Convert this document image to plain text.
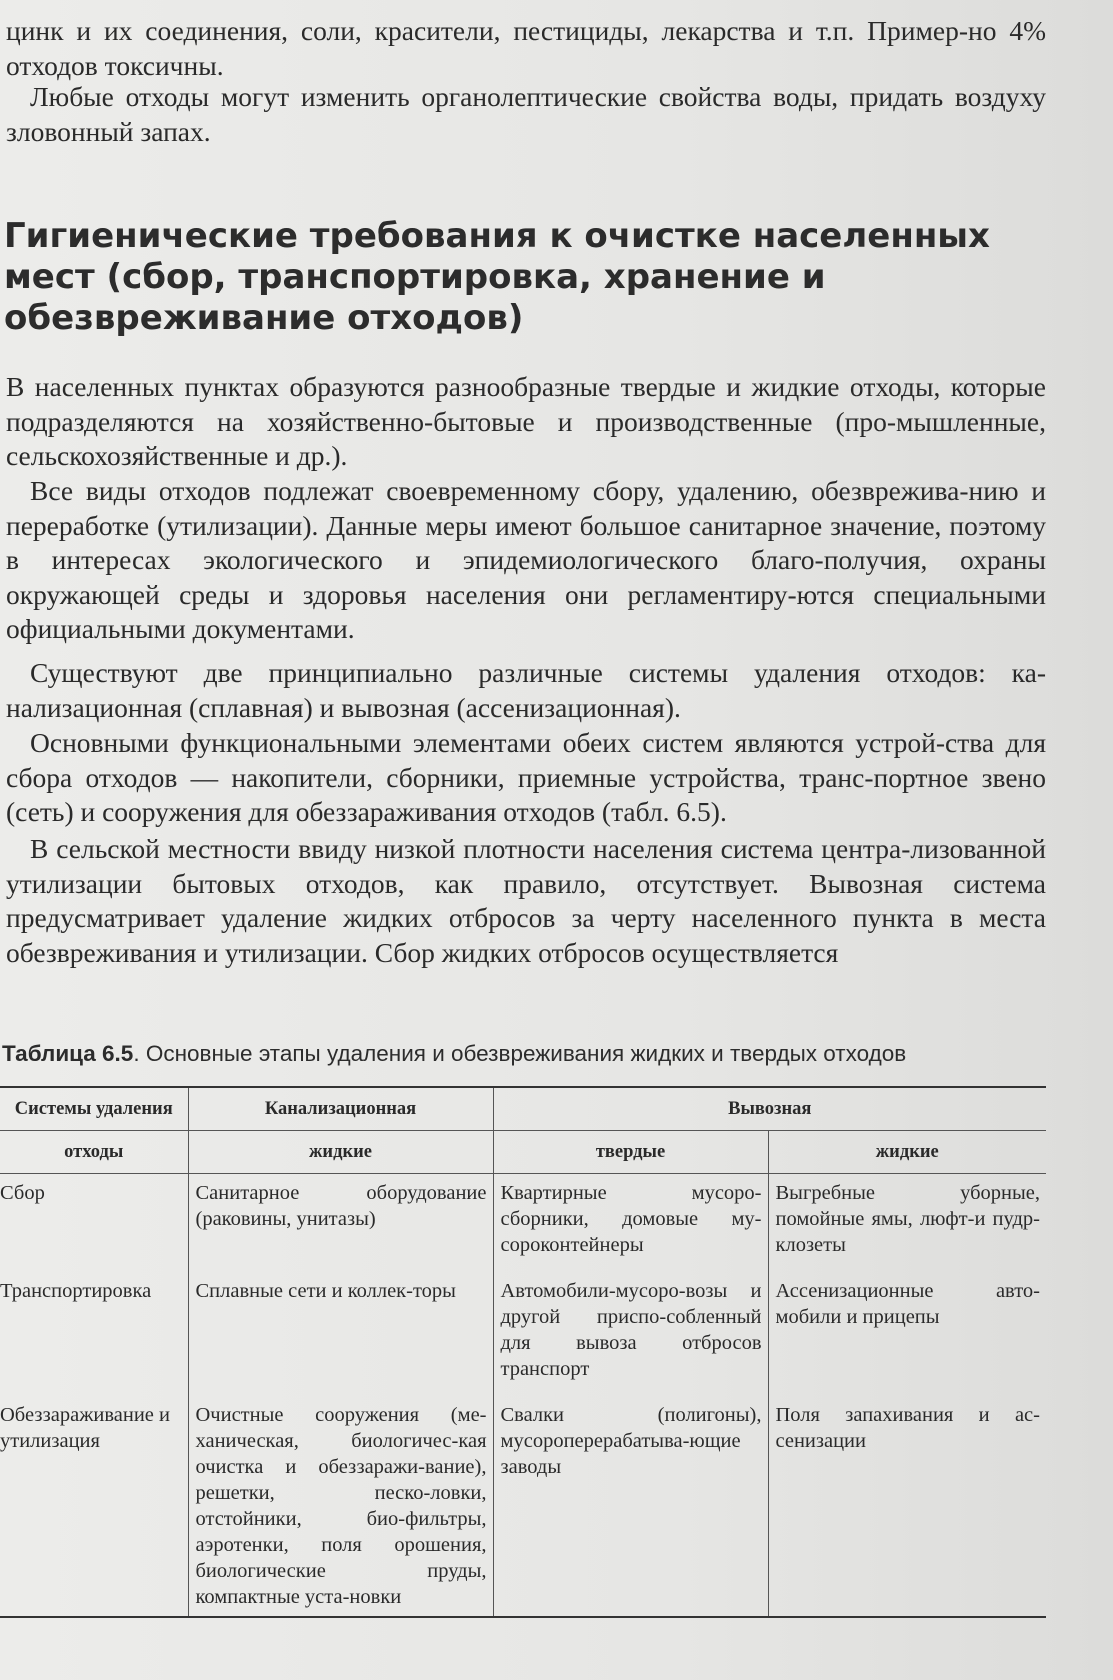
цинк и их соединения, соли, красители, пестициды, лекарства и т.п. Пример-но 4% отходов токсичны.

Любые отходы могут изменить органолептические свойства воды, придать воздуху зловонный запах.

Гигиенические требования к очистке населенных мест (сбор, транспортировка, хранение и обезвреживание отходов)

В населенных пунктах образуются разнообразные твердые и жидкие отходы, которые подразделяются на хозяйственно-бытовые и производственные (про-мышленные, сельскохозяйственные и др.).

Все виды отходов подлежат своевременному сбору, удалению, обезврежива-нию и переработке (утилизации). Данные меры имеют большое санитарное значение, поэтому в интересах экологического и эпидемиологического благо-получия, охраны окружающей среды и здоровья населения они регламентиру-ются специальными официальными документами.

Существуют две принципиально различные системы удаления отходов: ка-нализационная (сплавная) и вывозная (ассенизационная).

Основными функциональными элементами обеих систем являются устрой-ства для сбора отходов — накопители, сборники, приемные устройства, транс-портное звено (сеть) и сооружения для обеззараживания отходов (табл. 6.5).

В сельской местности ввиду низкой плотности населения система центра-лизованной утилизации бытовых отходов, как правило, отсутствует. Вывозная система предусматривает удаление жидких отбросов за черту населенного пункта в места обезвреживания и утилизации. Сбор жидких отбросов осуществляется

Таблица 6.5. Основные этапы удаления и обезвреживания жидких и твердых отходов

Системы удаления	Канализационная	Вывозная	
отходы	жидкие	твердые	жидкие
Сбор	Санитарное оборудование (раковины, унитазы)	Квартирные мусоро-сборники, домовые му-сороконтейнеры	Выгребные уборные, помойные ямы, люфт-и пудр-клозеты
Транспортировка	Сплавные сети и коллек-торы	Автомобили-мусоро-возы и другой приспо-собленный для вывоза отбросов транспорт	Ассенизационные авто-мобили и прицепы
Обеззараживание и утилизация	Очистные сооружения (ме-ханическая, биологичес-кая очистка и обеззаражи-вание), решетки, песко-ловки, отстойники, био-фильтры, аэротенки, поля орошения, биологические пруды, компактные уста-новки	Свалки (полигоны), мусороперерабатыва-ющие заводы	Поля запахивания и ас-сенизации
